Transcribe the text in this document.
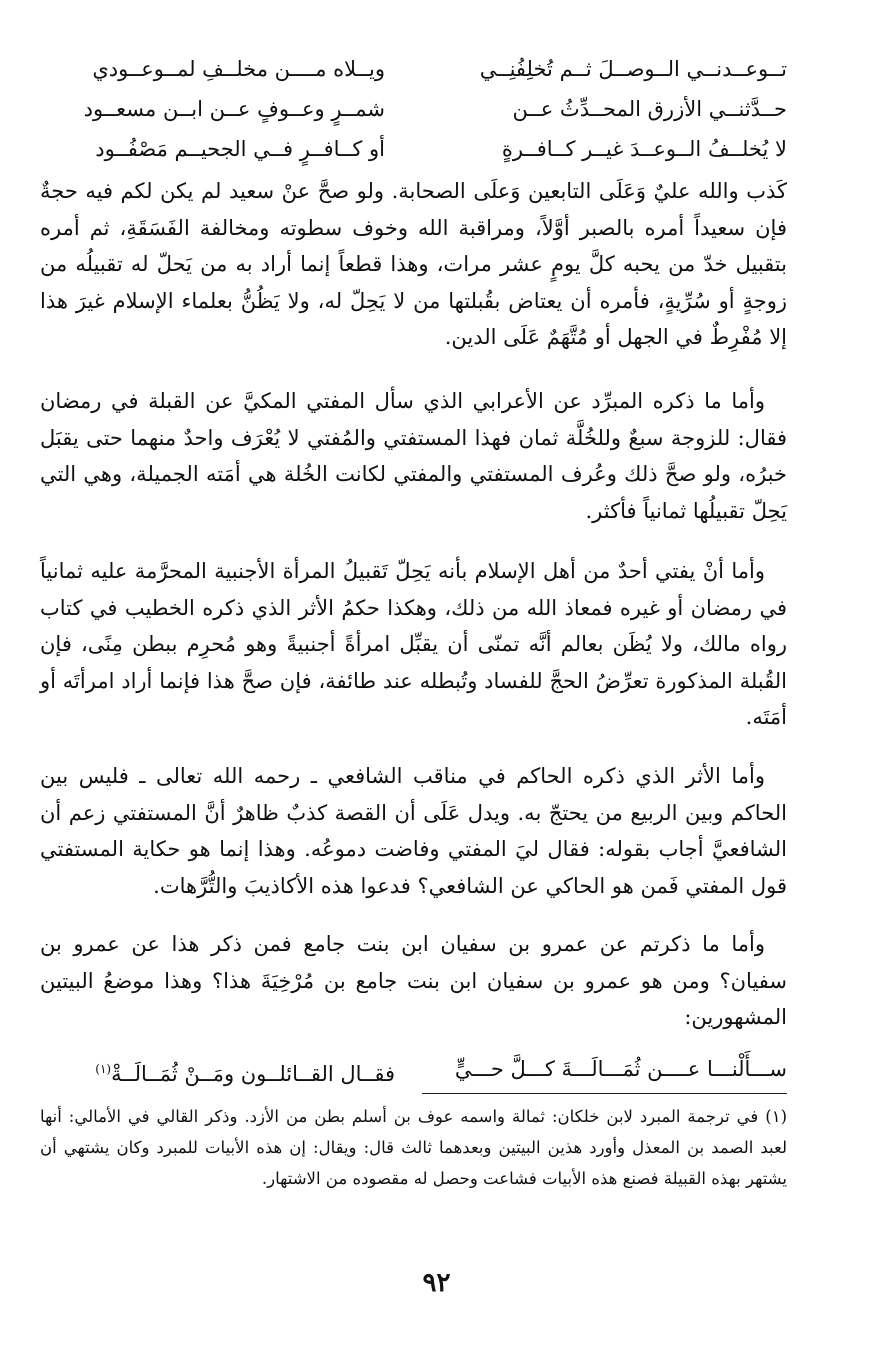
تــوعــدنــي الــوصــلَ ثــم تُخلِفُنِــي
ويــلاه مــــن مخلــفِ لمــوعــودي
حــدَّثنــي الأزرق المحــدِّثُ عــن
شمــرٍ وعــوفٍ عــن ابــن مسعــود
لا يُخلــفُ الــوعــدَ غيــر كــافــرةٍ
أو كــافــرٍ فــي الجحيــم مَصْفُــود

كَذب والله عليٌ وَعَلَى التابعين وَعلَى الصحابة. ولو صحَّ عنْ سعيد لم يكن لكم فيه حجةٌ فإن سعيداً أمره بالصبر أوَّلاً، ومراقبة الله وخوف سطوته ومخالفة الفَسَقَةِ، ثم أمره بتقبيل خدّ من يحبه كلَّ يومٍ عشر مرات، وهذا قطعاً إنما أراد به من يَحلّ له تقبيلُه من زوجةٍ أو سُرِّيةٍ، فأمره أن يعتاض بقُبلتها من لا يَحِلّ له، ولا يَظُنُّ بعلماء الإسلام غيرَ هذا إلا مُفْرِطٌ في الجهل أو مُتَّهَمٌ عَلَى الدين.

وأما ما ذكره المبرِّد عن الأعرابي الذي سأل المفتي المكيَّ عن القبلة في رمضان فقال: للزوجة سبعٌ وللخُلَّة ثمان فهذا المستفتي والمُفتي لا يُعْرَف واحدٌ منهما حتى يقبَل خبرُه، ولو صحَّ ذلك وعُرف المستفتي والمفتي لكانت الخُلة هي أمَته الجميلة، وهي التي يَحِلّ تقبيلُها ثمانياً فأكثر.

وأما أنْ يفتي أحدٌ من أهل الإسلام بأنه يَحِلّ تَقبيلُ المرأة الأجنبية المحرَّمة عليه ثمانياً في رمضان أو غيره فمعاذ الله من ذلك، وهكذا حكمُ الأثر الذي ذكره الخطيب في كتاب رواه مالك، ولا يُظَن بعالم أنَّه تمنّى أن يقبِّل امرأةً أجنبيةً وهو مُحرِم ببطن مِنًى، فإن القُبلة المذكورة تعرِّضُ الحجَّ للفساد وتُبطله عند طائفة، فإن صحَّ هذا فإنما أراد امرأتَه أو أمَتَه.

وأما الأثر الذي ذكره الحاكم في مناقب الشافعي ـ رحمه الله تعالى ـ فليس بين الحاكم وبين الربيع من يحتجّ به. ويدل عَلَى أن القصة كذبٌ ظاهرٌ أنَّ المستفتي زعم أن الشافعيَّ أجاب بقوله: فقال ليَ المفتي وفاضت دموعُه. وهذا إنما هو حكاية المستفتي قول المفتي فَمن هو الحاكي عن الشافعي؟ فدعوا هذه الأكاذيبَ والتُّرَّهات.

وأما ما ذكرتم عن عمرو بن سفيان ابن بنت جامع فمن ذكر هذا عن عمرو بن سفيان؟ ومن هو عمرو بن سفيان ابن بنت جامع بن مُرْخِيَةَ هذا؟ وهذا موضعُ البيتين المشهورين:

ســـأَلْنـــا عــــن ثُمَـــالَـــةَ كـــلَّ حـــيٍّ
فقــال القــائلــون ومَــنْ ثُمَــالَــةْ$^{(١)}$

(١) في ترجمة المبرد لابن خلكان: ثمالة واسمه عوف بن أسلم بطن من الأزد. وذكر القالي في الأمالي: أنها لعبد الصمد بن المعذل وأورد هذين البيتين وبعدهما ثالث قال: ويقال: إن هذه الأبيات للمبرد وكان يشتهي أن يشتهر بهذه القبيلة فصنع هذه الأبيات فشاعت وحصل له مقصوده من الاشتهار.

٩٢
